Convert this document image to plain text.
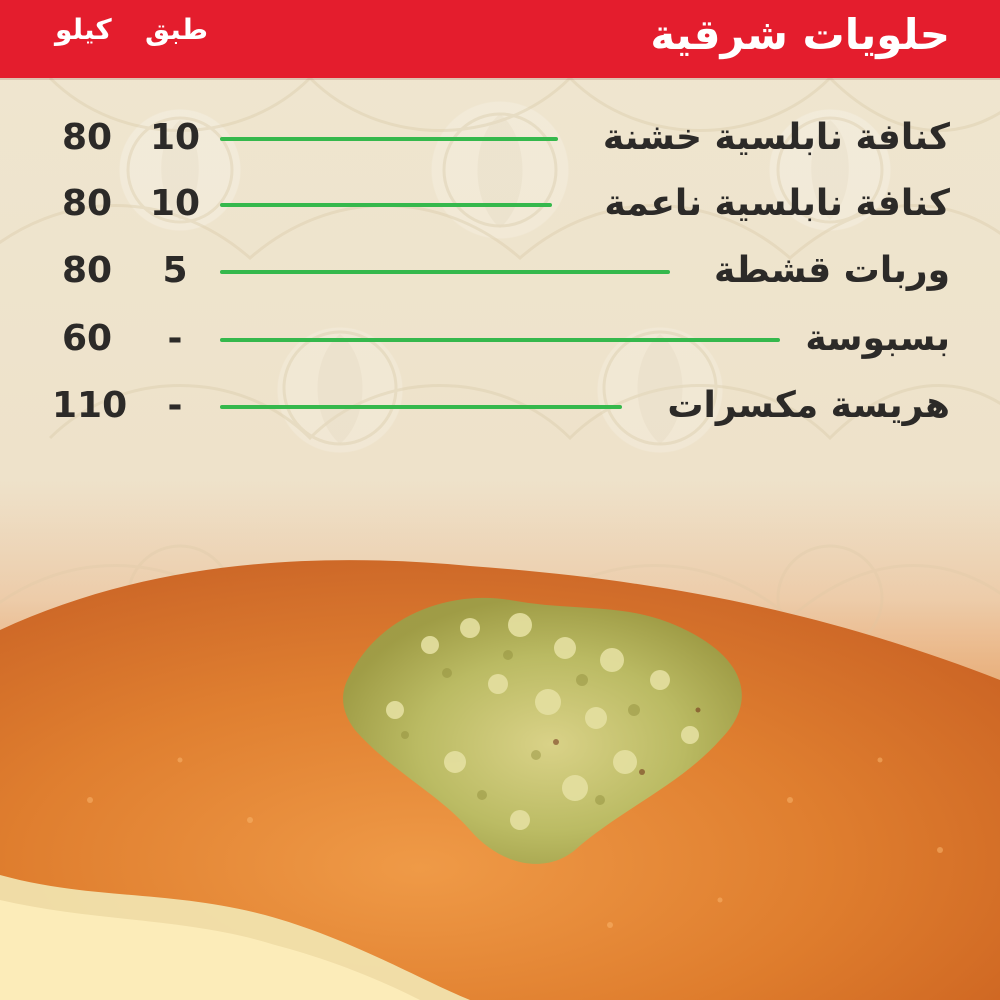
حلويات شرقية
طبق
كيلو
كنافة نابلسية خشنة
10
80
كنافة نابلسية ناعمة
10
80
وربات قشطة
5
80
بسبوسة
-
60
هريسة مكسرات
-
110
